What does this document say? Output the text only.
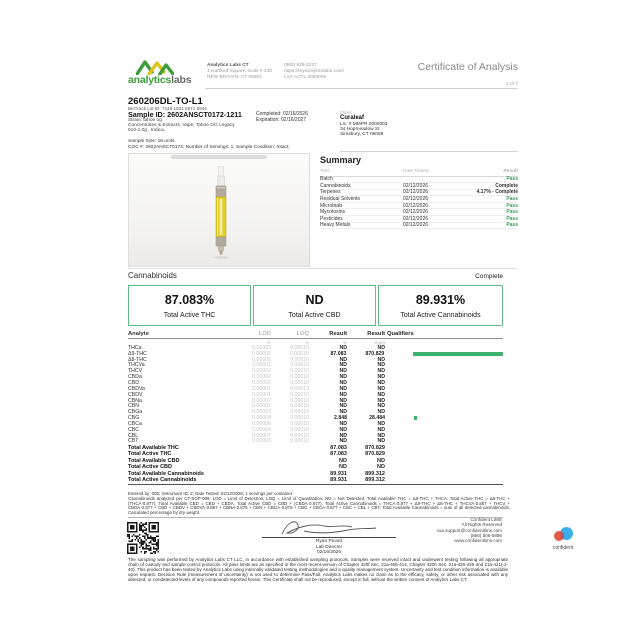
analyticslabs
Analytics Labs CT
1 Hartford Square, Suite # 230
NEW BRITAIN, CT 06052
(860) 925-5227
https://myanalyticslabs.com/
Lic# ACTL.0000005
Certificate of Analysis
1 of 7
260206DL-TO-L1
BioTrack Lot ID: 7149 1931 6871 5944
Sample ID: 2602ANSCT0172-1211	Completed: 02/16/2026
Expiration: 02/16/2027
Strain: tahoe og
Concentrates & Extracts, Vape, Tahoe OG Legacy
510-1.0g , Indica,
Sample Size: 18 units.
COC #: 2602ANSCT0172; Number of Servings: 1; Sample Condition: Intact;
Client
Curaleaf
Lic. # MMPR.0000003
34 Hopmeadow St
Simsbury, CT 06089
Summary
Test	Date Tested	Result
Batch	Pass
Cannabinoids	02/12/2026	Complete
Terpenes	02/12/2026	4.17% - Complete
Residual Solvents	02/12/2026	Pass
Microbials	02/12/2026	Pass
Mycotoxins	02/12/2026	Pass
Pesticides	02/12/2026	Pass
Heavy Metals	02/12/2026	Pass
Cannabinoids	Complete
87.083%
Total Active THC
ND
Total Active CBD
89.931%
Total Active Cannabinoids
Analyte	LOD	LOQ	Result	Result Qualifiers
%	%	%	mg/g
THCa	0.00003	0.00010	ND	ND
Δ9-THC	0.00003	0.00010	87.083	870.829
Δ8-THC	0.00005	0.00010	ND	ND
THCVa	0.00001	0.00010	ND	ND
THCV	0.00002	0.00010	ND	ND
CBDa	0.00002	0.00010	ND	ND
CBD	0.00002	0.00010	ND	ND
CBDVa	0.00001	0.00010	ND	ND
CBDV	0.00001	0.00010	ND	ND
CBNa	0.00007	0.00010	ND	ND
CBN	0.00002	0.00010	ND	ND
CBGa	0.00003	0.00010	ND	ND
CBG	0.00004	0.00010	2.848	28.484
CBCa	0.00006	0.00010	ND	ND
CBC	0.00004	0.00010	ND	ND
CBL	0.00007	0.00010	ND	ND
CBT	0.00003	0.00010	ND	ND
Total Available THC	87.083	870.829
Total Active THC	87.083	870.829
Total Available CBD	ND	ND
Total Active CBD	ND	ND
Total Available Cannabinoids	89.931	899.312
Total Active Cannabinoids	89.931	899.312
Entered by: 005; Instrument ID: 2; Date Tested: 02/12/2026; 1 servings per container.
Cannabinoids analyzed per CT-SOP-009. LOD = Limit of Detection, LOQ = Limit of Quantitation, ND = Not Detected. Total Available THC = Δ9-THC + THCA. Total Active THC = Δ9-THC + (THCA·0.877). Total Available CBD = CBD + CBDA. Total Active CBD = CBD + (CBDA·0.877). Total Active Cannabinoids = THCA·0.877 + Δ9-THC + Δ8-THC + THCVA·0.867 + THCV + CBDA·0.877 + CBD + CBDV + CBDVA·0.867 + CBNA·0.876 + CBN + CBGA·0.878 + CBG + CBCA·0.877 + CBC + CBL + CBT. Total Available Cannabinoids = sum of all detected cannabinoids. Calculated percentage by dry weight.
Ryan Picard
Lab Director
02/16/2026
Confident LIMS
All Rights Reserved
coa.support@confidentlims.com
(866) 506-5866
www.confidentlims.com
confident
The sampling was performed by Analytics Labs CT LLC, in accordance with established sampling protocols. Samples were received intact and underwent testing following all appropriate chain of custody and sample control protocols. All pass limits are as specified in the most recent version of Chapter 420f Sec. 21a-408-414, Chapter 420h Sec. 21a-420-429 and 21a-421(-1-40). This product has been tested by Analytics Labs using internally validated testing methodologies and a quality management system. Uncertainty and test condition information is available upon request. Decision Rule (measurement of uncertainty) is not used to determine Pass/Fail. Analytics Labs makes no claim as to the efficacy, safety, or other risk associated with any detected, or nondetected levels of any compounds reported herein. This Certificate shall not be reproduced, except in full, without the written consent of Analytics Labs CT.
